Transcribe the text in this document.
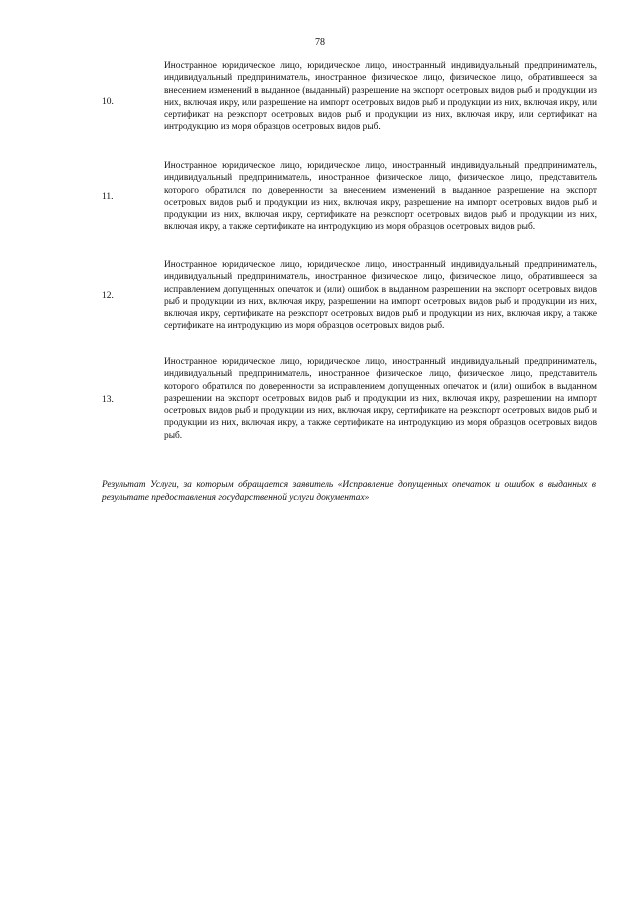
78
10.
Иностранное юридическое лицо, юридическое лицо, иностранный индивидуальный предприниматель, индивидуальный предприниматель, иностранное физическое лицо, физическое лицо, обратившееся за внесением изменений в выданное (выданный) разрешение на экспорт осетровых видов рыб и продукции из них, включая икру, или разрешение на импорт осетровых видов рыб и продукции из них, включая икру, или сертификат на реэкспорт осетровых видов рыб и продукции из них, включая икру, или сертификат на интродукцию из моря образцов осетровых видов рыб.
11.
Иностранное юридическое лицо, юридическое лицо, иностранный индивидуальный предприниматель, индивидуальный предприниматель, иностранное физическое лицо, физическое лицо, представитель которого обратился по доверенности за внесением изменений в выданное разрешение на экспорт осетровых видов рыб и продукции из них, включая икру, разрешение на импорт осетровых видов рыб и продукции из них, включая икру, сертификате на реэкспорт осетровых видов рыб и продукции из них, включая икру, а также сертификате на интродукцию из моря образцов осетровых видов рыб.
12.
Иностранное юридическое лицо, юридическое лицо, иностранный индивидуальный предприниматель, индивидуальный предприниматель, иностранное физическое лицо, физическое лицо, обратившееся за исправлением допущенных опечаток и (или) ошибок в выданном разрешении на экспорт осетровых видов рыб и продукции из них, включая икру, разрешении на импорт осетровых видов рыб и продукции из них, включая икру, сертификате на реэкспорт осетровых видов рыб и продукции из них, включая икру, а также сертификате на интродукцию из моря образцов осетровых видов рыб.
13.
Иностранное юридическое лицо, юридическое лицо, иностранный индивидуальный предприниматель, индивидуальный предприниматель, иностранное физическое лицо, физическое лицо, представитель которого обратился по доверенности за исправлением допущенных опечаток и (или) ошибок в выданном разрешении на экспорт осетровых видов рыб и продукции из них, включая икру, разрешении на импорт осетровых видов рыб и продукции из них, включая икру, сертификате на реэкспорт осетровых видов рыб и продукции из них, включая икру, а также сертификате на интродукцию из моря образцов осетровых видов рыб.
Результат Услуги, за которым обращается заявитель «Исправление допущенных опечаток и ошибок в выданных в результате предоставления государственной услуги документах»
